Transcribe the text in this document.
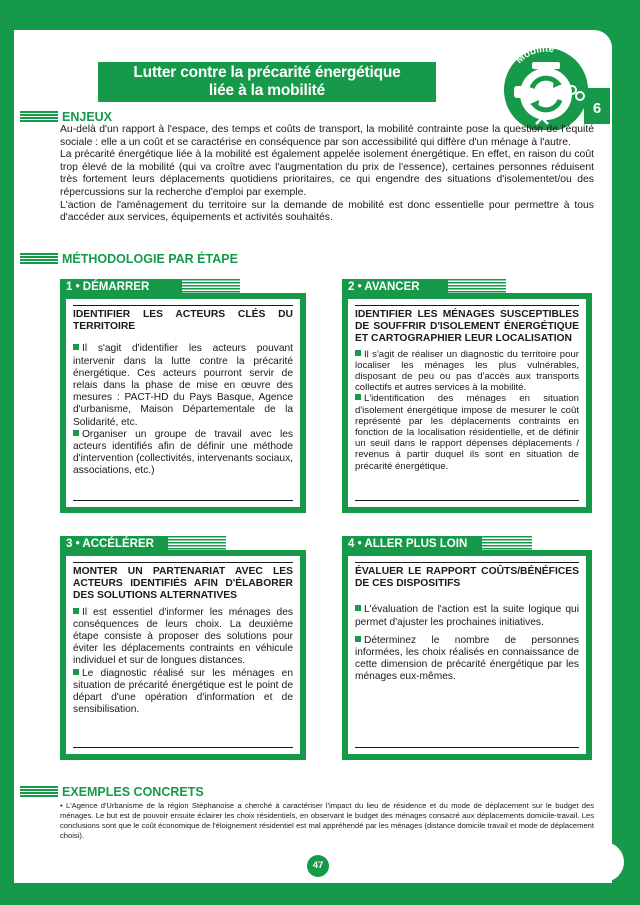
Lutter contre la précarité énergétique
liée à la mobilité
Mobilité
6
ENJEUX

Au-delà d'un rapport à l'espace, des temps et coûts de transport, la mobilité contrainte pose la question de l'équité sociale : elle a un coût et se caractérise en conséquence par son accessibilité qui diffère d'un ménage à l'autre.

La précarité énergétique liée à la mobilité est également appelée isolement énergétique. En effet, en raison du coût trop élevé de la mobilité (qui va croître avec l'augmentation du prix de l'essence), certaines personnes réduisent très fortement leurs déplacements quotidiens prioritaires, ce qui engendre des situations d'isolementet/ou des répercussions sur la recherche d'emploi par exemple.

L'action de l'aménagement du territoire sur la demande de mobilité est donc essentielle pour permettre à tous d'accéder aux services, équipements et activités souhaités.

MÉTHODOLOGIE PAR ÉTAPE
1 • DÉMARRER
IDENTIFIER LES ACTEURS CLÉS DU TERRITOIRE
Il s'agit d'identifier les acteurs pouvant intervenir dans la lutte contre la précarité énergétique. Ces acteurs pourront servir de relais dans la phase de mise en œuvre des mesures : PACT-HD du Pays Basque, Agence d'urbanisme, Maison Départementale de la Solidarité, etc.
Organiser un groupe de travail avec les acteurs identifiés afin de définir une méthode d'intervention (collectivités, intervenants sociaux, associations, etc.)
2 • AVANCER
IDENTIFIER LES MÉNAGES SUSCEPTIBLES DE SOUFFRIR D'ISOLEMENT ÉNERGÉTIQUE ET CARTOGRAPHIER LEUR LOCALISATION
Il s'agit de réaliser un diagnostic du territoire pour localiser les ménages les plus vulnérables, disposant de peu ou pas d'accès aux transports collectifs et autres services à la mobilité.
L'identification des ménages en situation d'isolement énergétique impose de mesurer le coût représenté par les déplacements contraints en fonction de la localisation résidentielle, et de définir un seuil dans le rapport dépenses déplacements / revenus à partir duquel ils sont en situation de précarité énergétique.
3 • ACCÉLÉRER
MONTER UN PARTENARIAT AVEC LES ACTEURS IDENTIFIÉS AFIN D'ÉLABORER DES SOLUTIONS ALTERNATIVES
Il est essentiel d'informer les ménages des conséquences de leurs choix. La deuxième étape consiste à proposer des solutions pour éviter les déplacements contraints en véhicule individuel et sur de longues distances.
Le diagnostic réalisé sur les ménages en situation de précarité énergétique est le point de départ d'une opération d'information et de sensibilisation.
4 • ALLER PLUS LOIN
ÉVALUER LE RAPPORT COÛTS/BÉNÉFICES DE CES DISPOSITIFS
L'évaluation de l'action est la suite logique qui permet d'ajuster les prochaines initiatives.
Déterminez le nombre de personnes informées, les choix réalisés en connaissance de cette dimension de précarité énergétique par les ménages eux-mêmes.
EXEMPLES CONCRETS
• L'Agence d'Urbanisme de la région Stéphanoise a cherché à caractériser l'impact du lieu de résidence et du mode de déplacement sur le budget des ménages. Le but est de pouvoir ensuite éclairer les choix résidentiels, en observant le budget des ménages consacré aux déplacements domicile-travail. Les conclusions sont que le coût économique de l'éloignement résidentiel est mal appréhendé par les ménages (distance domicile travail et mode de déplacement choisi).
47
